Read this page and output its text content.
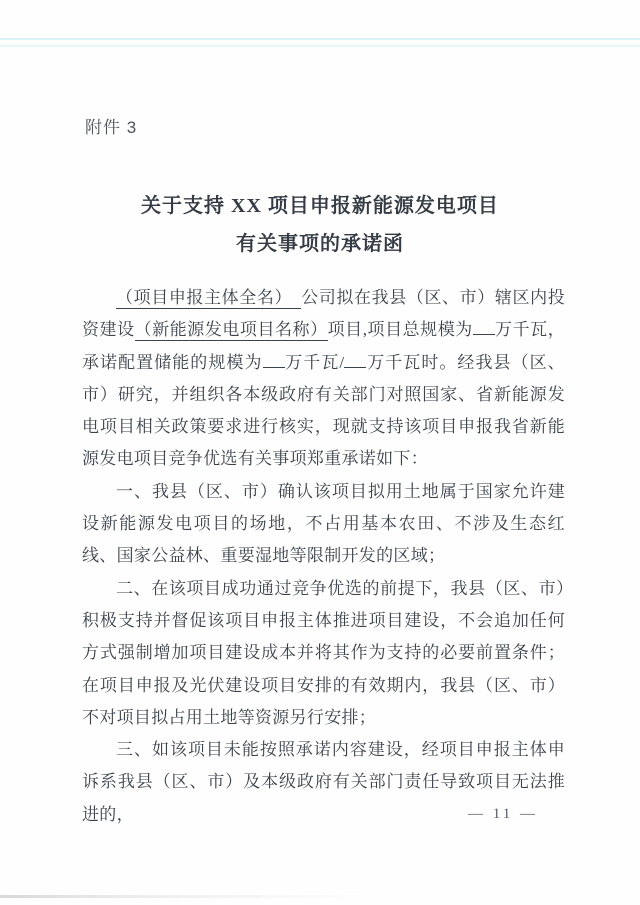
附件 3
关于支持 XX 项目申报新能源发电项目
有关事项的承诺函

（项目申报主体全名）　公司拟在我县（区、市）辖区内投资建设（新能源发电项目名称）项目,项目总规模为 万千瓦，承诺配置储能的规模为 万千瓦/ 万千瓦时。经我县（区、市）研究，并组织各本级政府有关部门对照国家、省新能源发电项目相关政策要求进行核实，现就支持该项目申报我省新能源发电项目竞争优选有关事项郑重承诺如下：

一、我县（区、市）确认该项目拟用土地属于国家允许建设新能源发电项目的场地，不占用基本农田、不涉及生态红线、国家公益林、重要湿地等限制开发的区域；

二、在该项目成功通过竞争优选的前提下，我县（区、市）积极支持并督促该项目申报主体推进项目建设，不会追加任何方式强制增加项目建设成本并将其作为支持的必要前置条件；在项目申报及光伏建设项目安排的有效期内，我县（区、市）不对项目拟占用土地等资源另行安排；

三、如该项目未能按照承诺内容建设，经项目申报主体申诉系我县（区、市）及本级政府有关部门责任导致项目无法推进的，	— 11 —
